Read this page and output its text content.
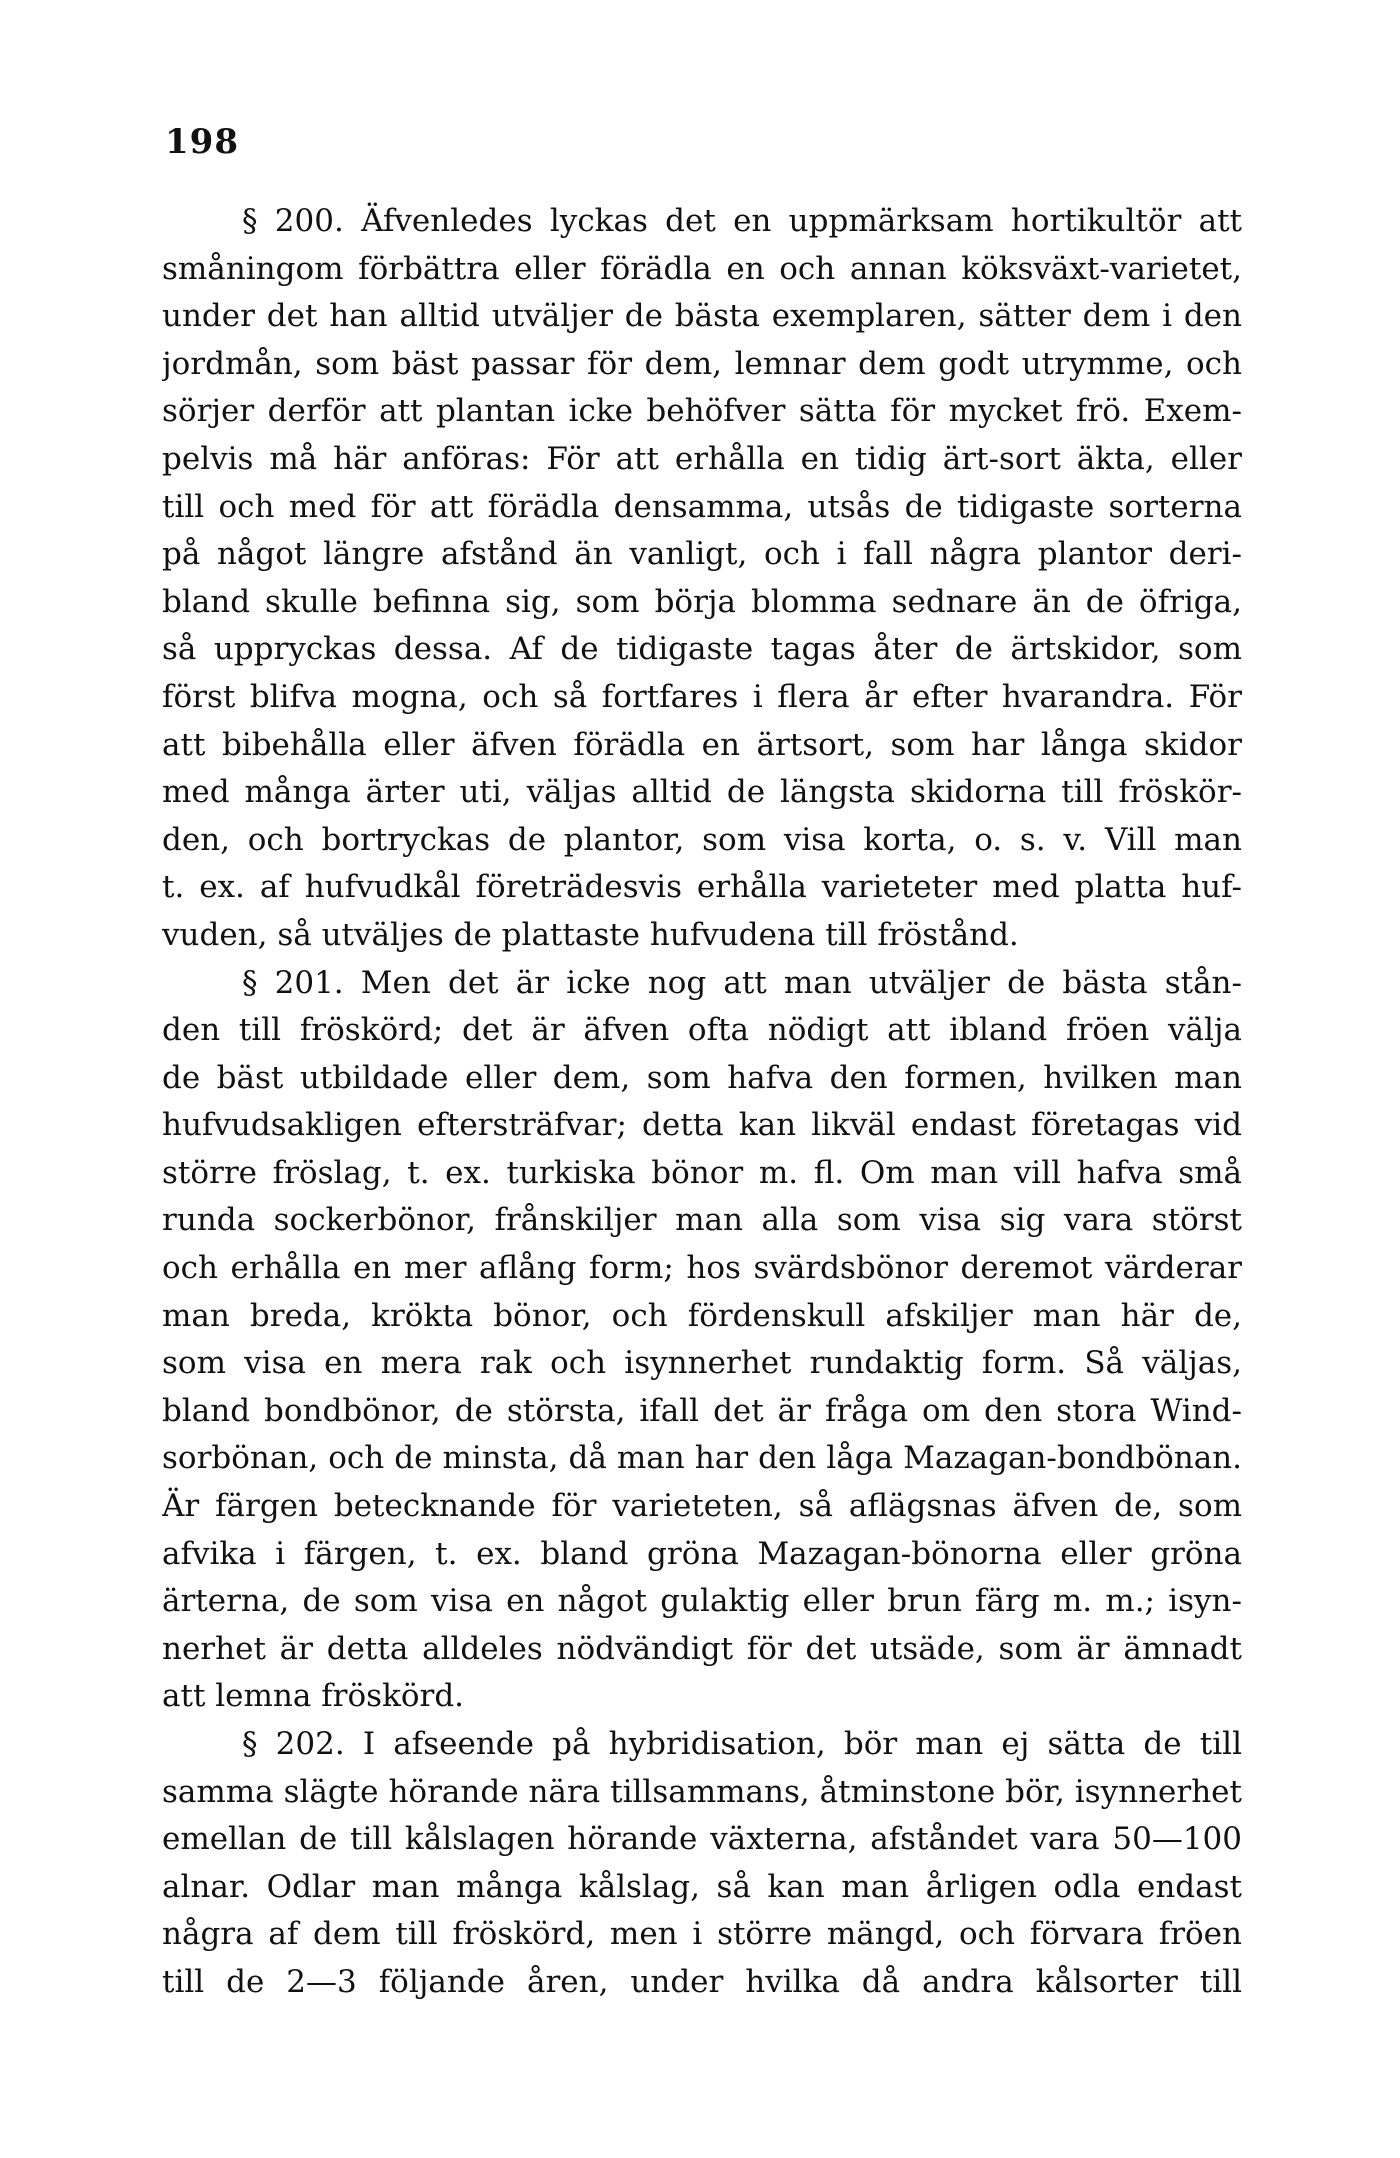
198
§ 200. Äfvenledes lyckas det en uppmärksam hortikultör att
småningom förbättra eller förädla en och annan köksväxt-varietet,
under det han alltid utväljer de bästa exemplaren, sätter dem i den
jordmån, som bäst passar för dem, lemnar dem godt utrymme, och
sörjer derför att plantan icke behöfver sätta för mycket frö. Exem-
pelvis må här anföras: För att erhålla en tidig ärt-sort äkta, eller
till och med för att förädla densamma, utsås de tidigaste sorterna
på något längre afstånd än vanligt, och i fall några plantor deri-
bland skulle befinna sig, som börja blomma sednare än de öfriga,
så uppryckas dessa. Af de tidigaste tagas åter de ärtskidor, som
först blifva mogna, och så fortfares i flera år efter hvarandra. För
att bibehålla eller äfven förädla en ärtsort, som har långa skidor
med många ärter uti, väljas alltid de längsta skidorna till fröskör-
den, och bortryckas de plantor, som visa korta, o. s. v. Vill man
t. ex. af hufvudkål företrädesvis erhålla varieteter med platta huf-
vuden, så utväljes de plattaste hufvudena till fröstånd.
§ 201. Men det är icke nog att man utväljer de bästa stån-
den till fröskörd; det är äfven ofta nödigt att ibland fröen välja
de bäst utbildade eller dem, som hafva den formen, hvilken man
hufvudsakligen eftersträfvar; detta kan likväl endast företagas vid
större fröslag, t. ex. turkiska bönor m. fl. Om man vill hafva små
runda sockerbönor, frånskiljer man alla som visa sig vara störst
och erhålla en mer aflång form; hos svärdsbönor deremot värderar
man breda, krökta bönor, och fördenskull afskiljer man här de,
som visa en mera rak och isynnerhet rundaktig form. Så väljas,
bland bondbönor, de största, ifall det är fråga om den stora Wind-
sorbönan, och de minsta, då man har den låga Mazagan-bondbönan.
Är färgen betecknande för varieteten, så aflägsnas äfven de, som
afvika i färgen, t. ex. bland gröna Mazagan-bönorna eller gröna
ärterna, de som visa en något gulaktig eller brun färg m. m.; isyn-
nerhet är detta alldeles nödvändigt för det utsäde, som är ämnadt
att lemna fröskörd.
§ 202. I afseende på hybridisation, bör man ej sätta de till
samma slägte hörande nära tillsammans, åtminstone bör, isynnerhet
emellan de till kålslagen hörande växterna, afståndet vara 50—100
alnar. Odlar man många kålslag, så kan man årligen odla endast
några af dem till fröskörd, men i större mängd, och förvara fröen
till de 2—3 följande åren, under hvilka då andra kålsorter till
